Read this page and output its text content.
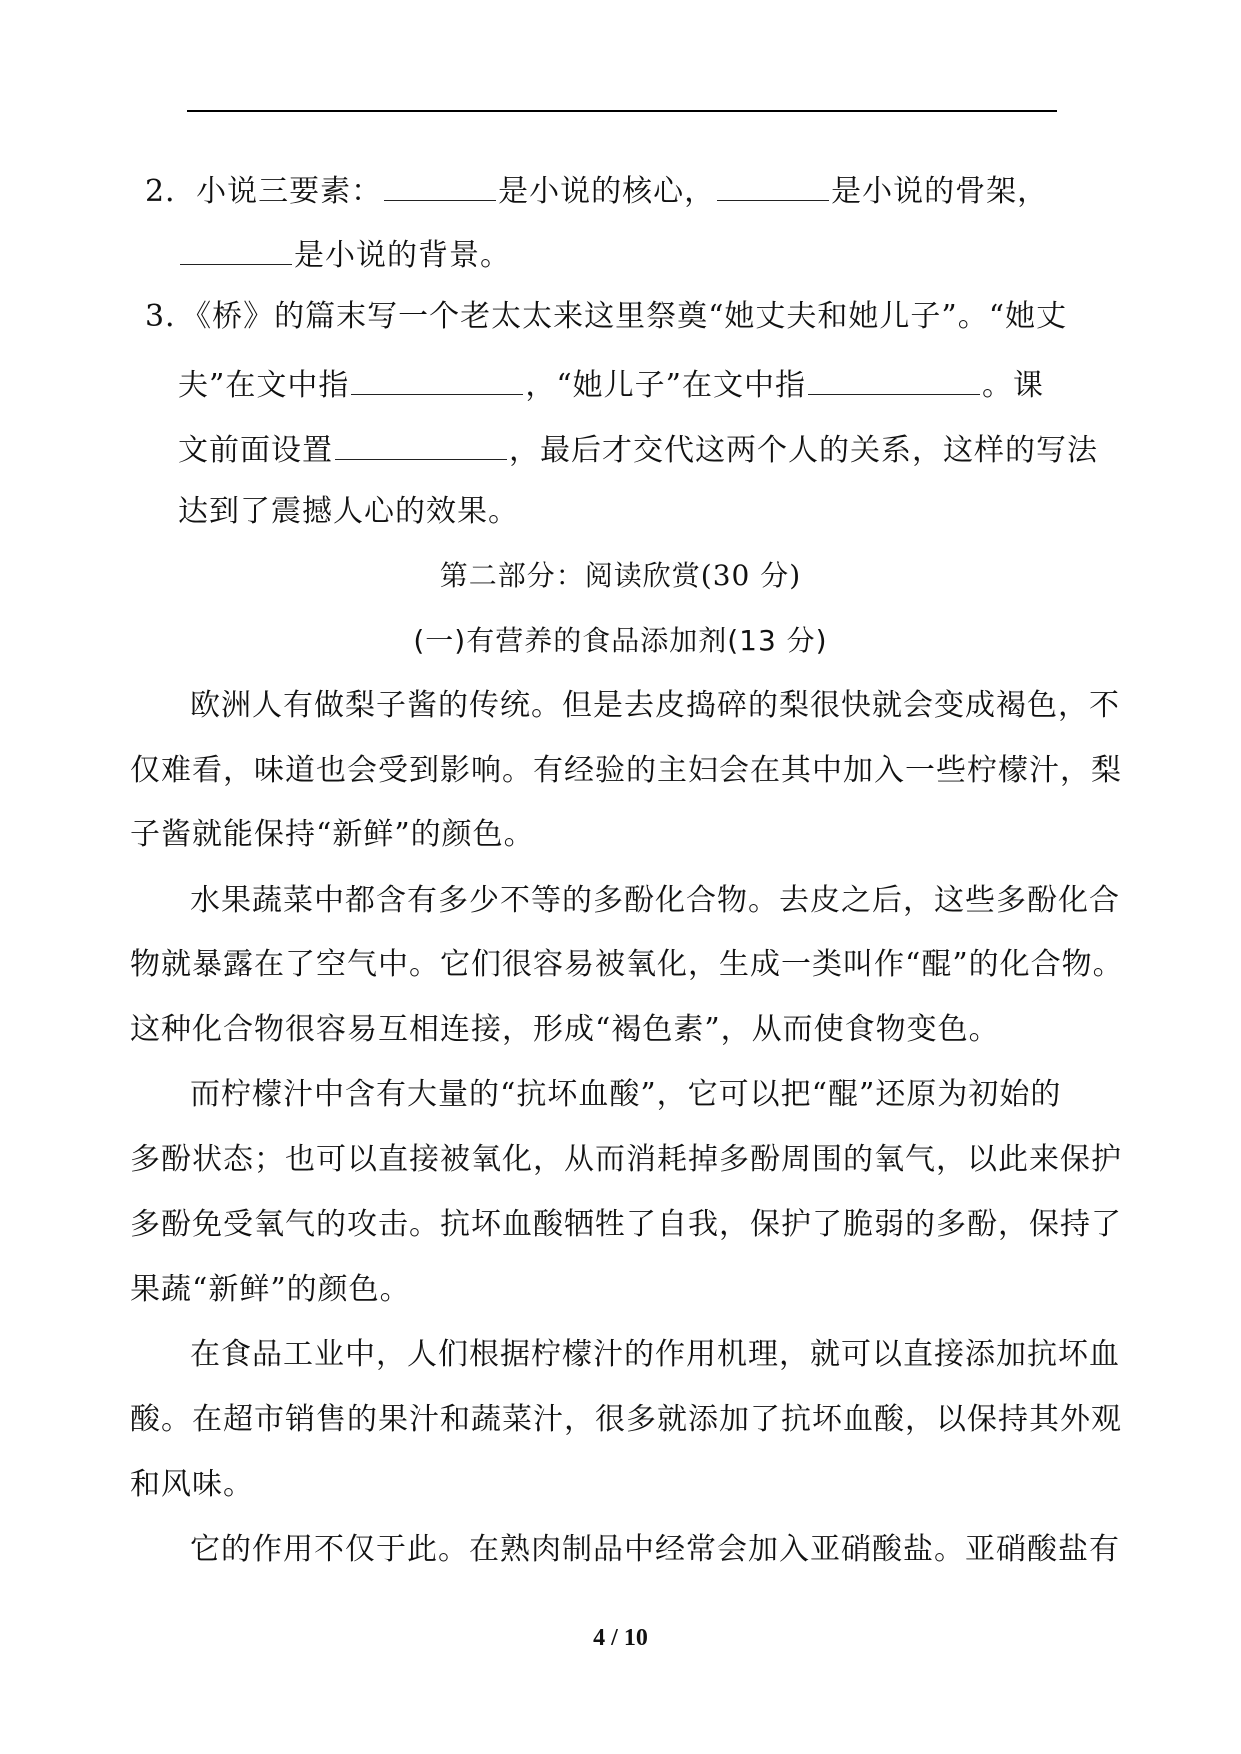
2．小说三要素：	是小说的核心，	是小说的骨架，
是小说的背景。
3．《桥》的篇末写一个老太太来这里祭奠“她丈夫和她儿子”。“她丈
夫”在文中指	，“她儿子”在文中指	。课
文前面设置	，最后才交代这两个人的关系，这样的写法
达到了震撼人心的效果。
第二部分：阅读欣赏(30 分)
(一)有营养的食品添加剂(13 分)
欧洲人有做梨子酱的传统。但是去皮捣碎的梨很快就会变成褐色，不
仅难看，味道也会受到影响。有经验的主妇会在其中加入一些柠檬汁，梨
子酱就能保持“新鲜”的颜色。
水果蔬菜中都含有多少不等的多酚化合物。去皮之后，这些多酚化合
物就暴露在了空气中。它们很容易被氧化，生成一类叫作“醌”的化合物。
这种化合物很容易互相连接，形成“褐色素”，从而使食物变色。
而柠檬汁中含有大量的“抗坏血酸”，它可以把“醌”还原为初始的
多酚状态；也可以直接被氧化，从而消耗掉多酚周围的氧气，以此来保护
多酚免受氧气的攻击。抗坏血酸牺牲了自我，保护了脆弱的多酚，保持了
果蔬“新鲜”的颜色。
在食品工业中，人们根据柠檬汁的作用机理，就可以直接添加抗坏血
酸。在超市销售的果汁和蔬菜汁，很多就添加了抗坏血酸，以保持其外观
和风味。
它的作用不仅于此。在熟肉制品中经常会加入亚硝酸盐。亚硝酸盐有
4 / 10
